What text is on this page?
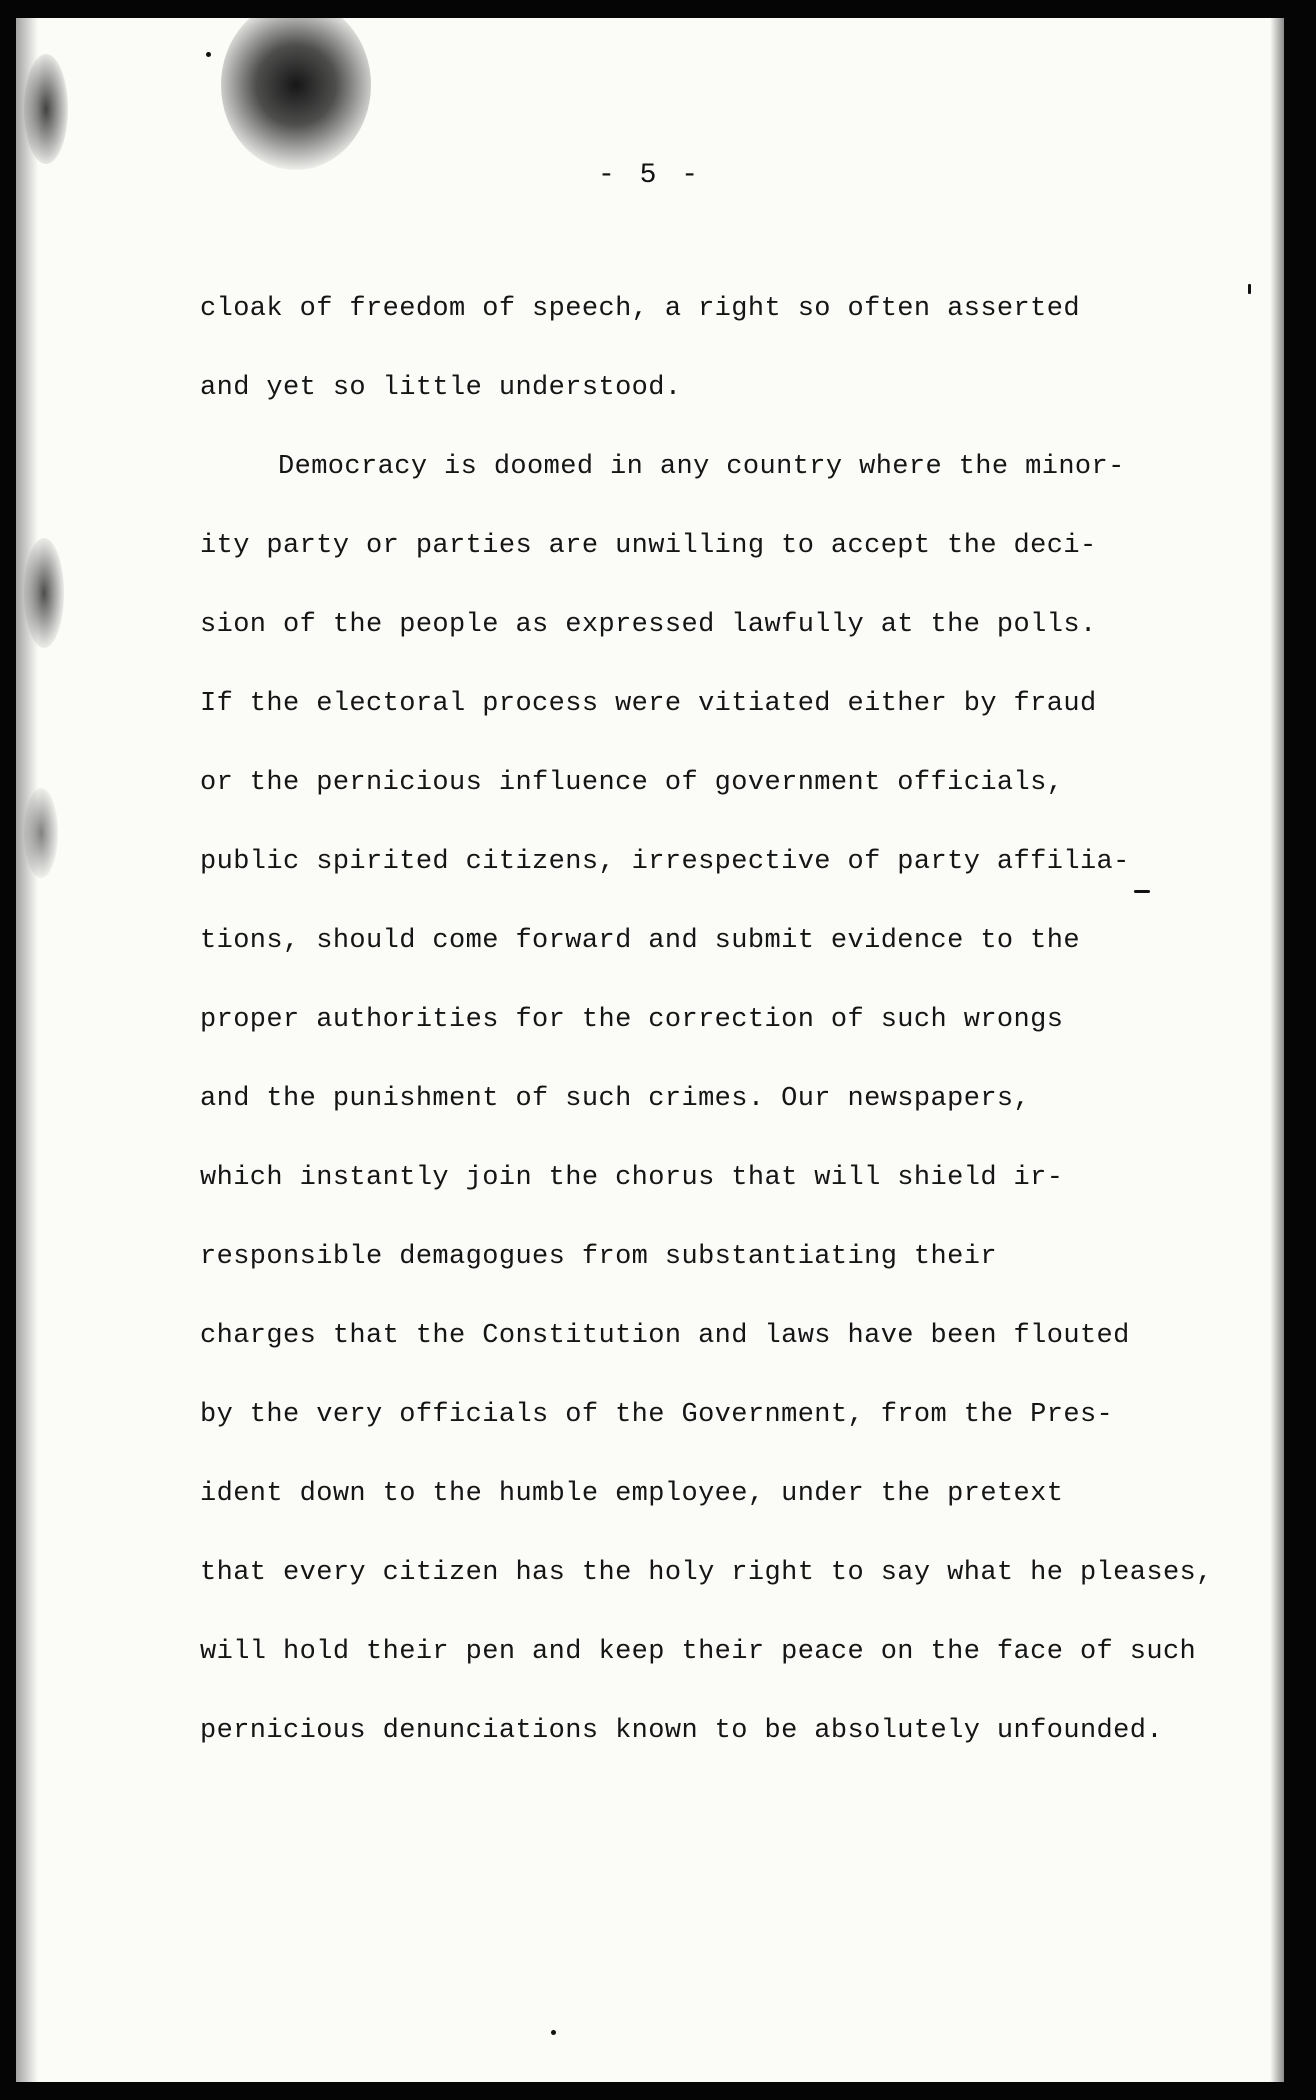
- 5 -
cloak of freedom of speech, a right so often asserted
and yet so little understood.
Democracy is doomed in any country where the minor-
ity party or parties are unwilling to accept the deci-
sion of the people as expressed lawfully at the polls.
If the electoral process were vitiated either by fraud
or the pernicious influence of government officials,
public spirited citizens, irrespective of party affilia-
tions, should come forward and submit evidence to the
proper authorities for the correction of such wrongs
and the punishment of such crimes. Our newspapers,
which instantly join the chorus that will shield ir-
responsible demagogues from substantiating their
charges that the Constitution and laws have been flouted
by the very officials of the Government, from the Pres-
ident down to the humble employee, under the pretext
that every citizen has the holy right to say what he pleases,
will hold their pen and keep their peace on the face of such
pernicious denunciations known to be absolutely unfounded.
